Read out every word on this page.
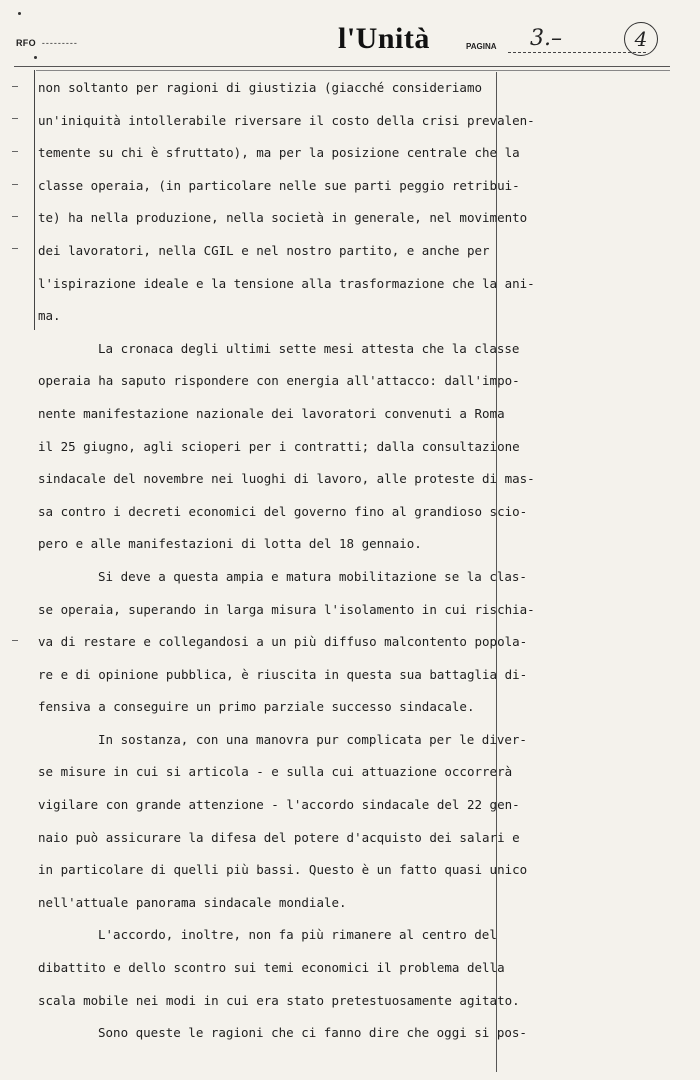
RFO ---------	l'Unità	PAGINA 3.–	4
non soltanto per ragioni di giustizia (giacché consideriamo
un'iniquità intollerabile riversare il costo della crisi prevalen-
temente su chi è sfruttato), ma per la posizione centrale che la
classe operaia, (in particolare nelle sue parti peggio retribui-
te) ha nella produzione, nella società in generale, nel movimento
dei lavoratori, nella CGIL e nel nostro partito, e anche per
l'ispirazione ideale e la tensione alla trasformazione che la ani-
ma.
La cronaca degli ultimi sette mesi attesta che la classe
operaia ha saputo rispondere con energia all'attacco: dall'impo-
nente manifestazione nazionale dei lavoratori convenuti a Roma
il 25 giugno, agli scioperi per i contratti; dalla consultazione
sindacale del novembre nei luoghi di lavoro, alle proteste di mas-
sa contro i decreti economici del governo fino al grandioso scio-
pero e alle manifestazioni di lotta del 18 gennaio.
Si deve a questa ampia e matura mobilitazione se la clas-
se operaia, superando in larga misura l'isolamento in cui rischia-
va di restare e collegandosi a un più diffuso malcontento popola-
re e di opinione pubblica, è riuscita in questa sua battaglia di-
fensiva a conseguire un primo parziale successo sindacale.
In sostanza, con una manovra pur complicata per le diver-
se misure in cui si articola - e sulla cui attuazione occorrerà
vigilare con grande attenzione - l'accordo sindacale del 22 gen-
naio può assicurare la difesa del potere d'acquisto dei salari e
in particolare di quelli più bassi. Questo è un fatto quasi unico
nell'attuale panorama sindacale mondiale.
L'accordo, inoltre, non fa più rimanere al centro del
dibattito e dello scontro sui temi economici il problema della
scala mobile nei modi in cui era stato pretestuosamente agitato.
Sono queste le ragioni che ci fanno dire che oggi si pos-
